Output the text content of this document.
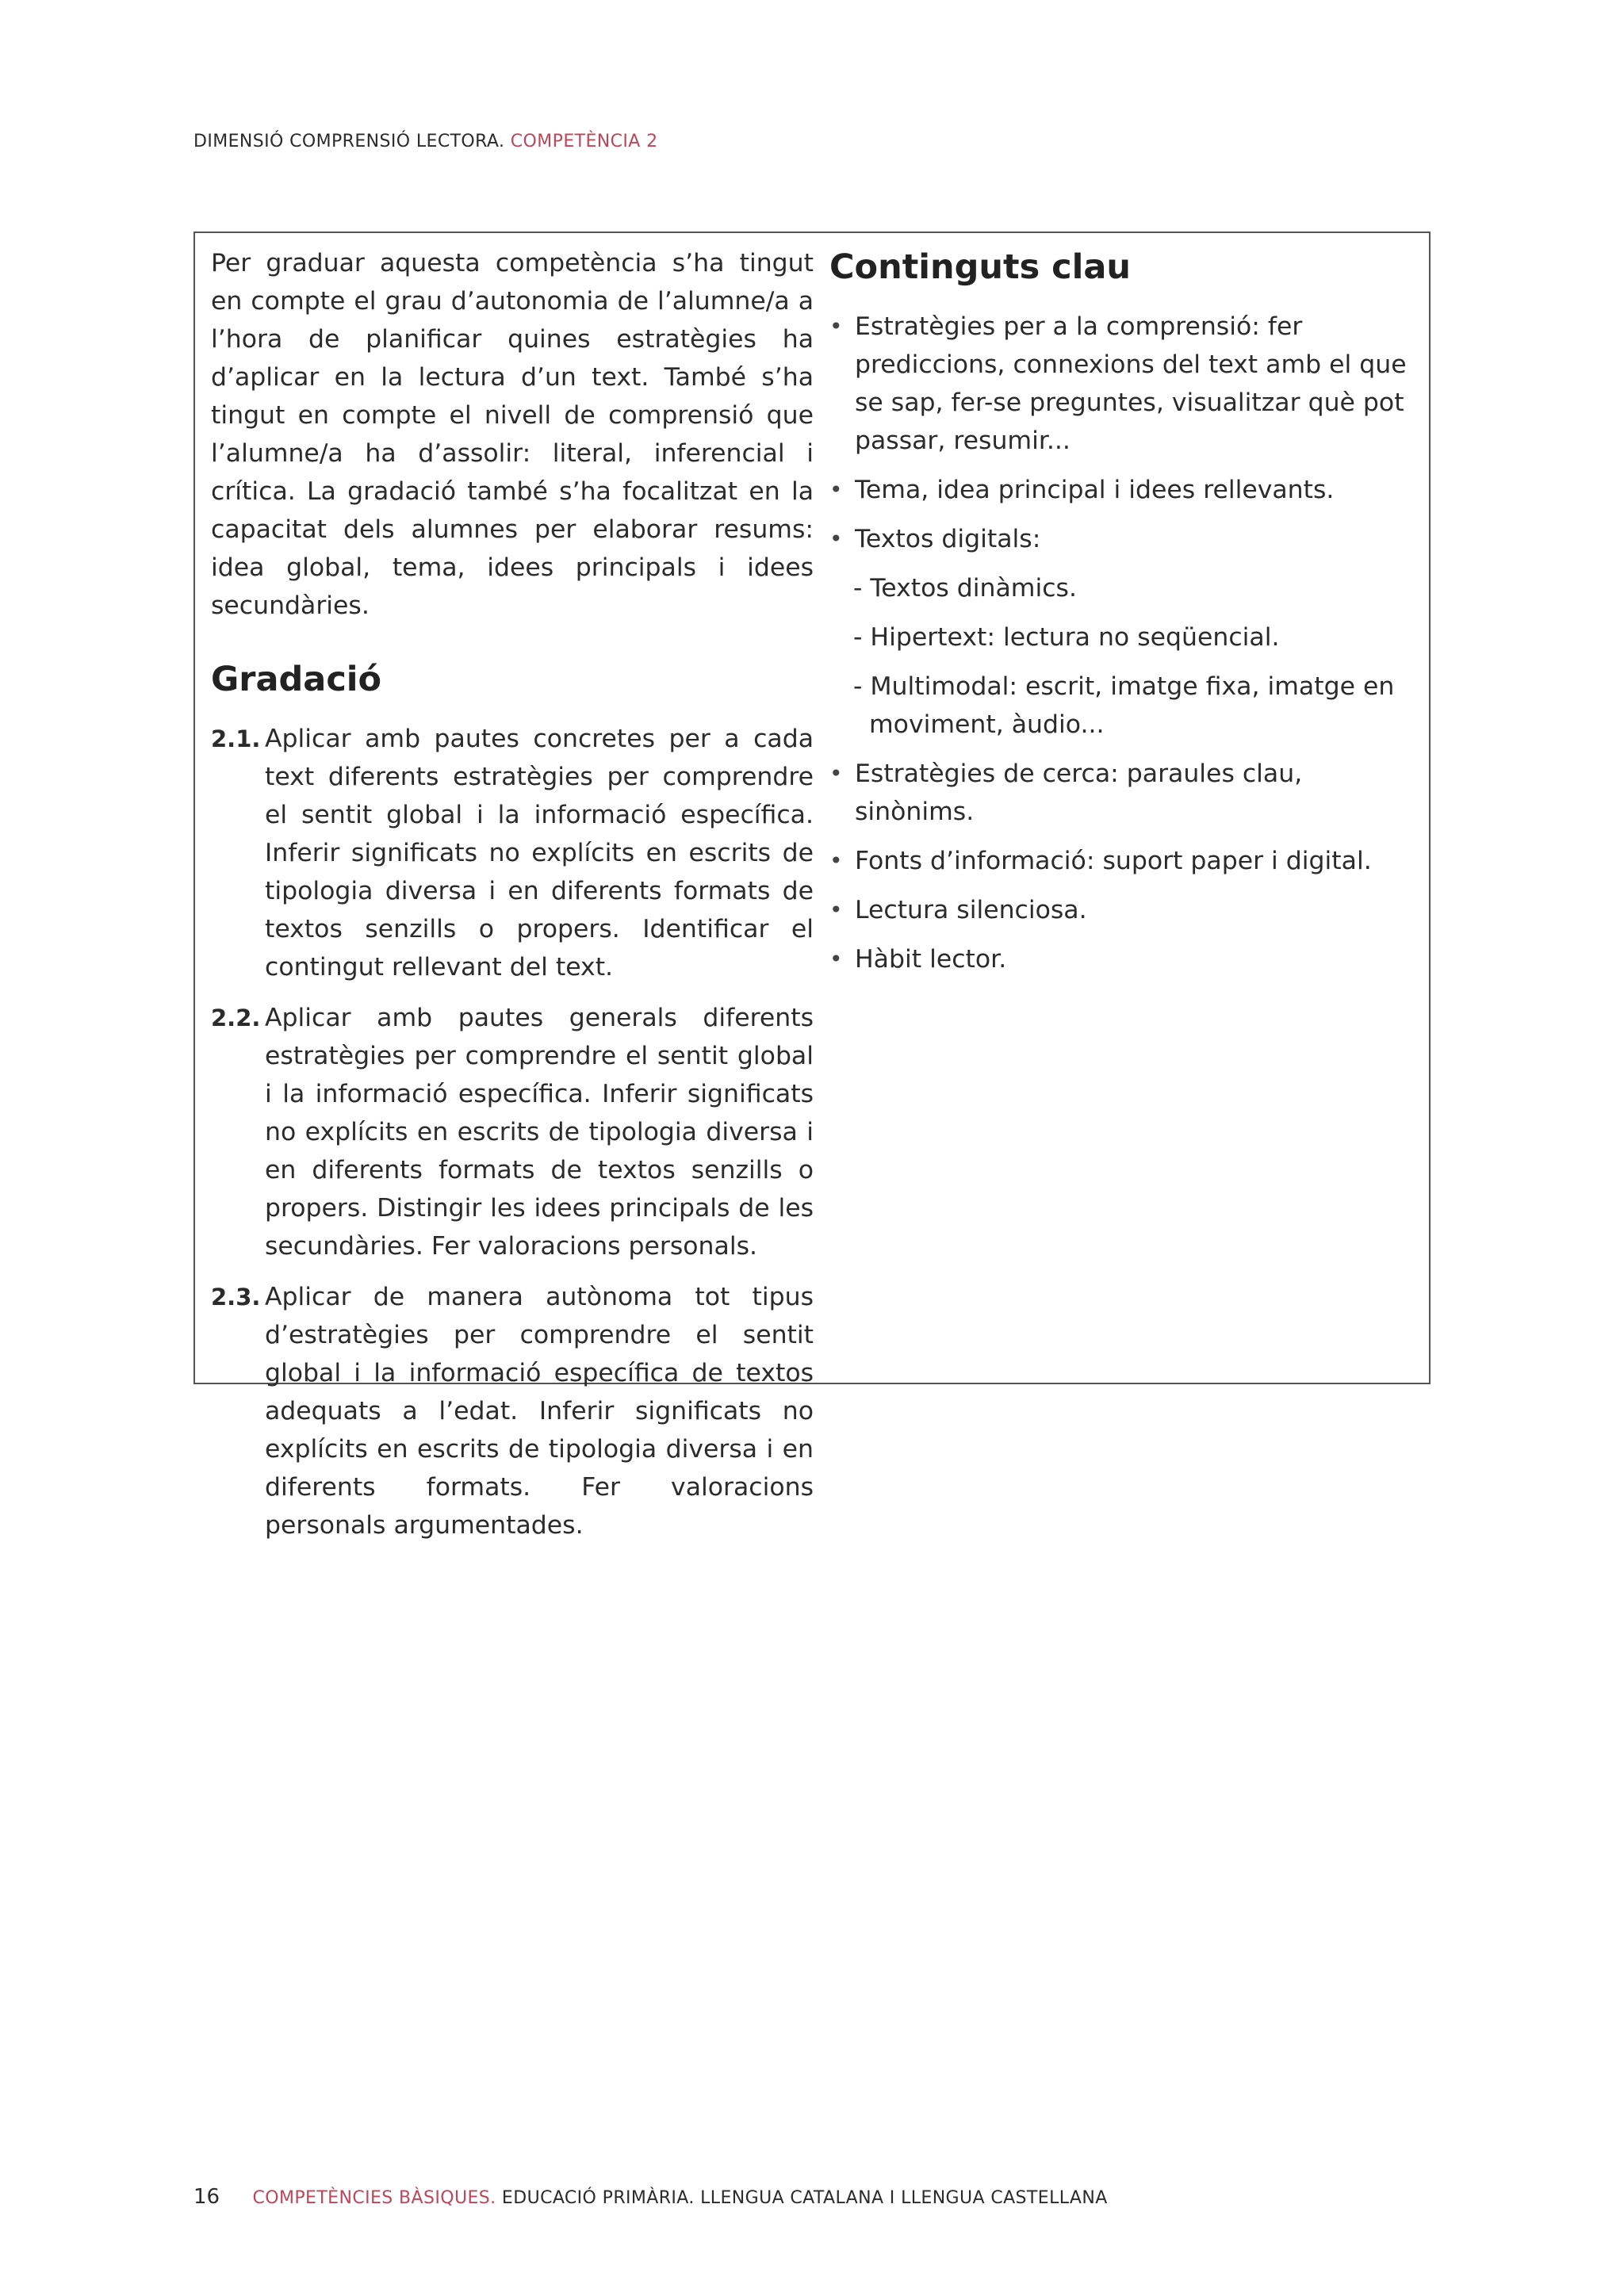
DIMENSIÓ COMPRENSIÓ LECTORA. COMPETÈNCIA 2

Per graduar aquesta competència s’ha tingut en compte el grau d’autonomia de l’alumne/a a l’hora de planificar quines estratègies ha d’aplicar en la lectura d’un text. També s’ha tingut en compte el nivell de comprensió que l’alumne/a ha d’assolir: literal, inferencial i crítica. La gradació també s’ha focalitzat en la capacitat dels alumnes per elaborar resums: idea global, tema, idees principals i idees secundàries.

Gradació
2.1. Aplicar amb pautes concretes per a cada text diferents estratègies per comprendre el sentit global i la informació específica. Inferir significats no explícits en escrits de tipologia diversa i en diferents formats de textos senzills o propers. Identificar el contingut rellevant del text.
2.2. Aplicar amb pautes generals diferents estratègies per comprendre el sentit global i la informació específica. Inferir significats no explícits en escrits de tipologia diversa i en diferents formats de textos senzills o propers. Distingir les idees principals de les secundàries. Fer valoracions personals.
2.3. Aplicar de manera autònoma tot tipus d’estratègies per comprendre el sentit global i la informació específica de textos adequats a l’edat. Inferir significats no explícits en escrits de tipologia diversa i en diferents formats. Fer valoracions personals argumentades.
Continguts clau
• Estratègies per a la comprensió: fer prediccions, connexions del text amb el que se sap, fer-se preguntes, visualitzar què pot passar, resumir...
• Tema, idea principal i idees rellevants.
• Textos digitals:
- Textos dinàmics.
- Hipertext: lectura no seqüencial.
- Multimodal: escrit, imatge fixa, imatge en moviment, àudio...
• Estratègies de cerca: paraules clau, sinònims.
• Fonts d’informació: suport paper i digital.
• Lectura silenciosa.
• Hàbit lector.
16 COMPETÈNCIES BÀSIQUES. EDUCACIÓ PRIMÀRIA. LLENGUA CATALANA I LLENGUA CASTELLANA
